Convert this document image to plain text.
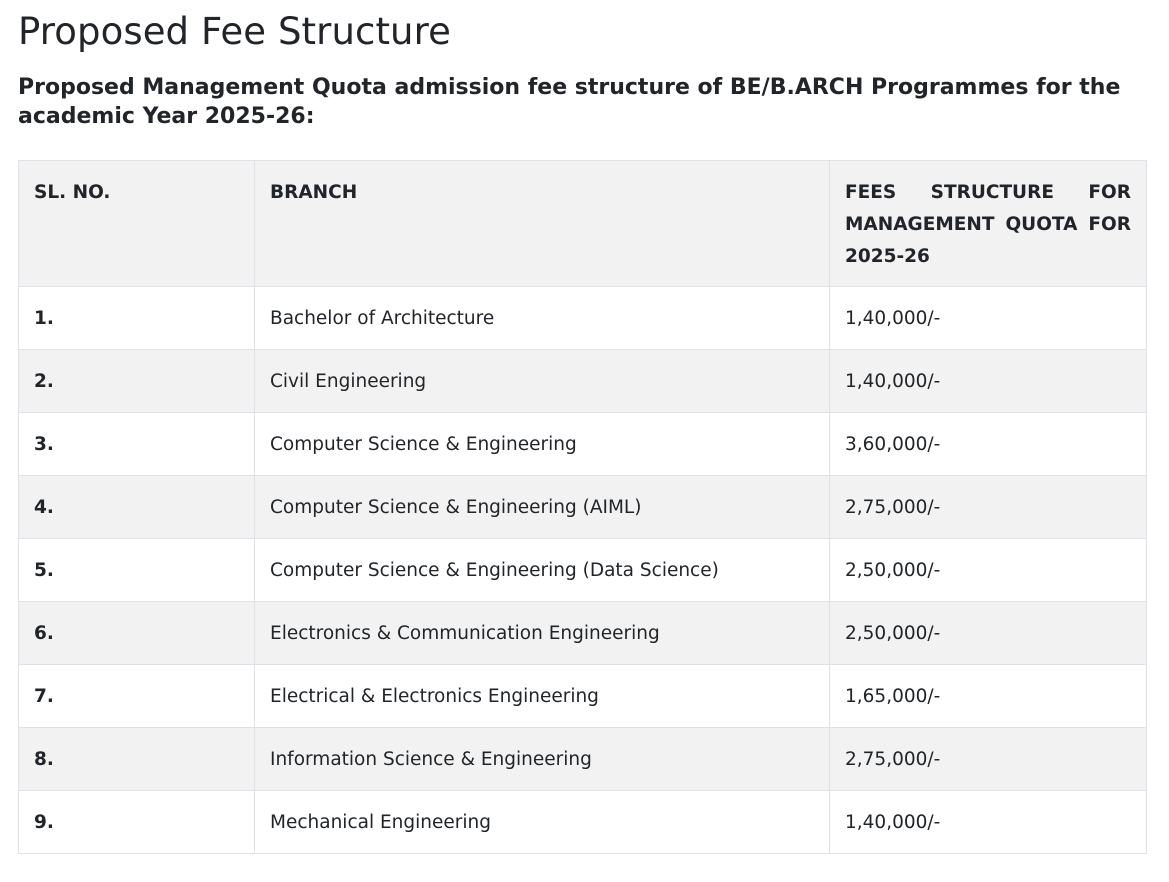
Proposed Fee Structure
Proposed Management Quota admission fee structure of BE/B.ARCH Programmes for the academic Year 2025-26:
SL. NO.	BRANCH	FEES STRUCTURE FOR MANAGEMENT QUOTA FOR 2025-26
1.	Bachelor of Architecture	1,40,000/-
2.	Civil Engineering	1,40,000/-
3.	Computer Science & Engineering	3,60,000/-
4.	Computer Science & Engineering (AIML)	2,75,000/-
5.	Computer Science & Engineering (Data Science)	2,50,000/-
6.	Electronics & Communication Engineering	2,50,000/-
7.	Electrical & Electronics Engineering	1,65,000/-
8.	Information Science & Engineering	2,75,000/-
9.	Mechanical Engineering	1,40,000/-
